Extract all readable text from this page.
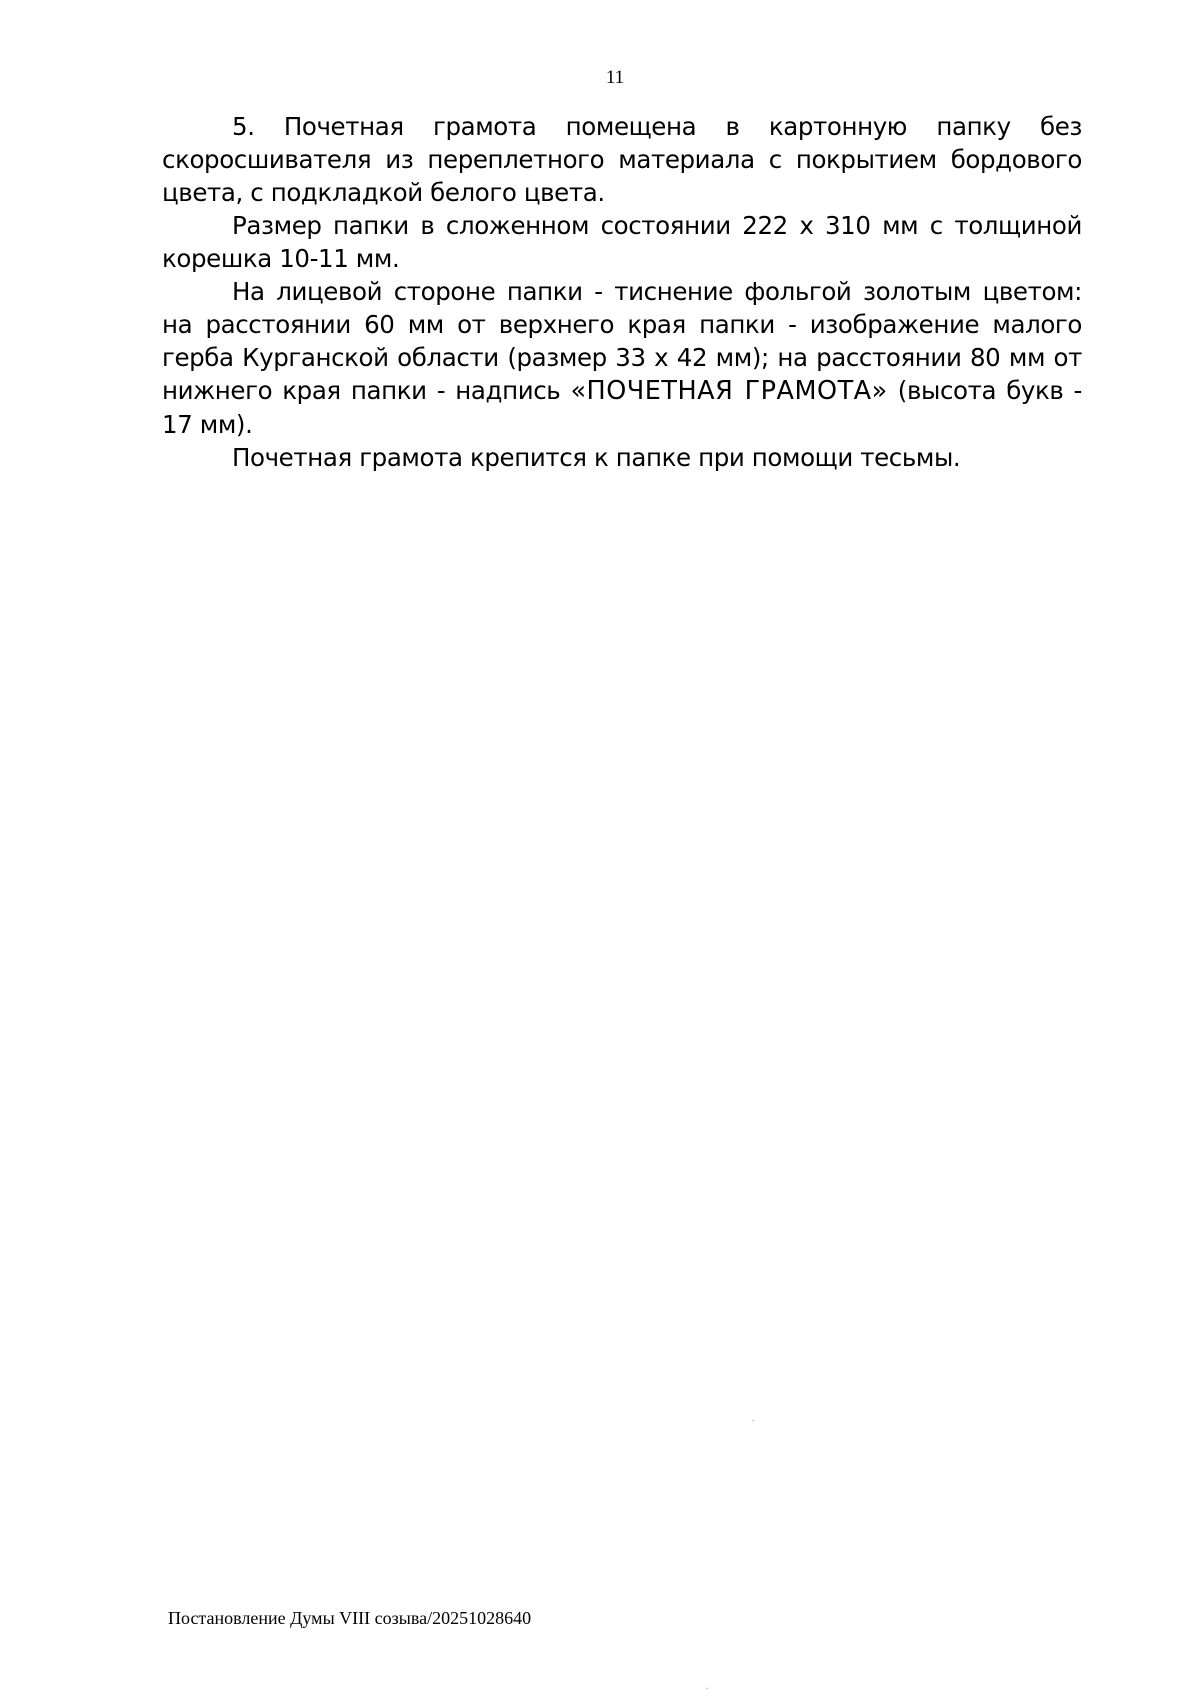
11

5. Почетная грамота помещена в картонную папку без скоросшивателя из переплетного материала с покрытием бордового цвета, с подкладкой белого цвета.

Размер папки в сложенном состоянии 222 х 310 мм с толщиной корешка 10-11 мм.

На лицевой стороне папки - тиснение фольгой золотым цветом: на расстоянии 60 мм от верхнего края папки - изображение малого герба Курганской области (размер 33 х 42 мм); на расстоянии 80 мм от нижнего края папки - надпись «ПОЧЕТНАЯ ГРАМОТА» (высота букв - 17 мм).

Почетная грамота крепится к папке при помощи тесьмы.

Постановление Думы VIII созыва/20251028640
